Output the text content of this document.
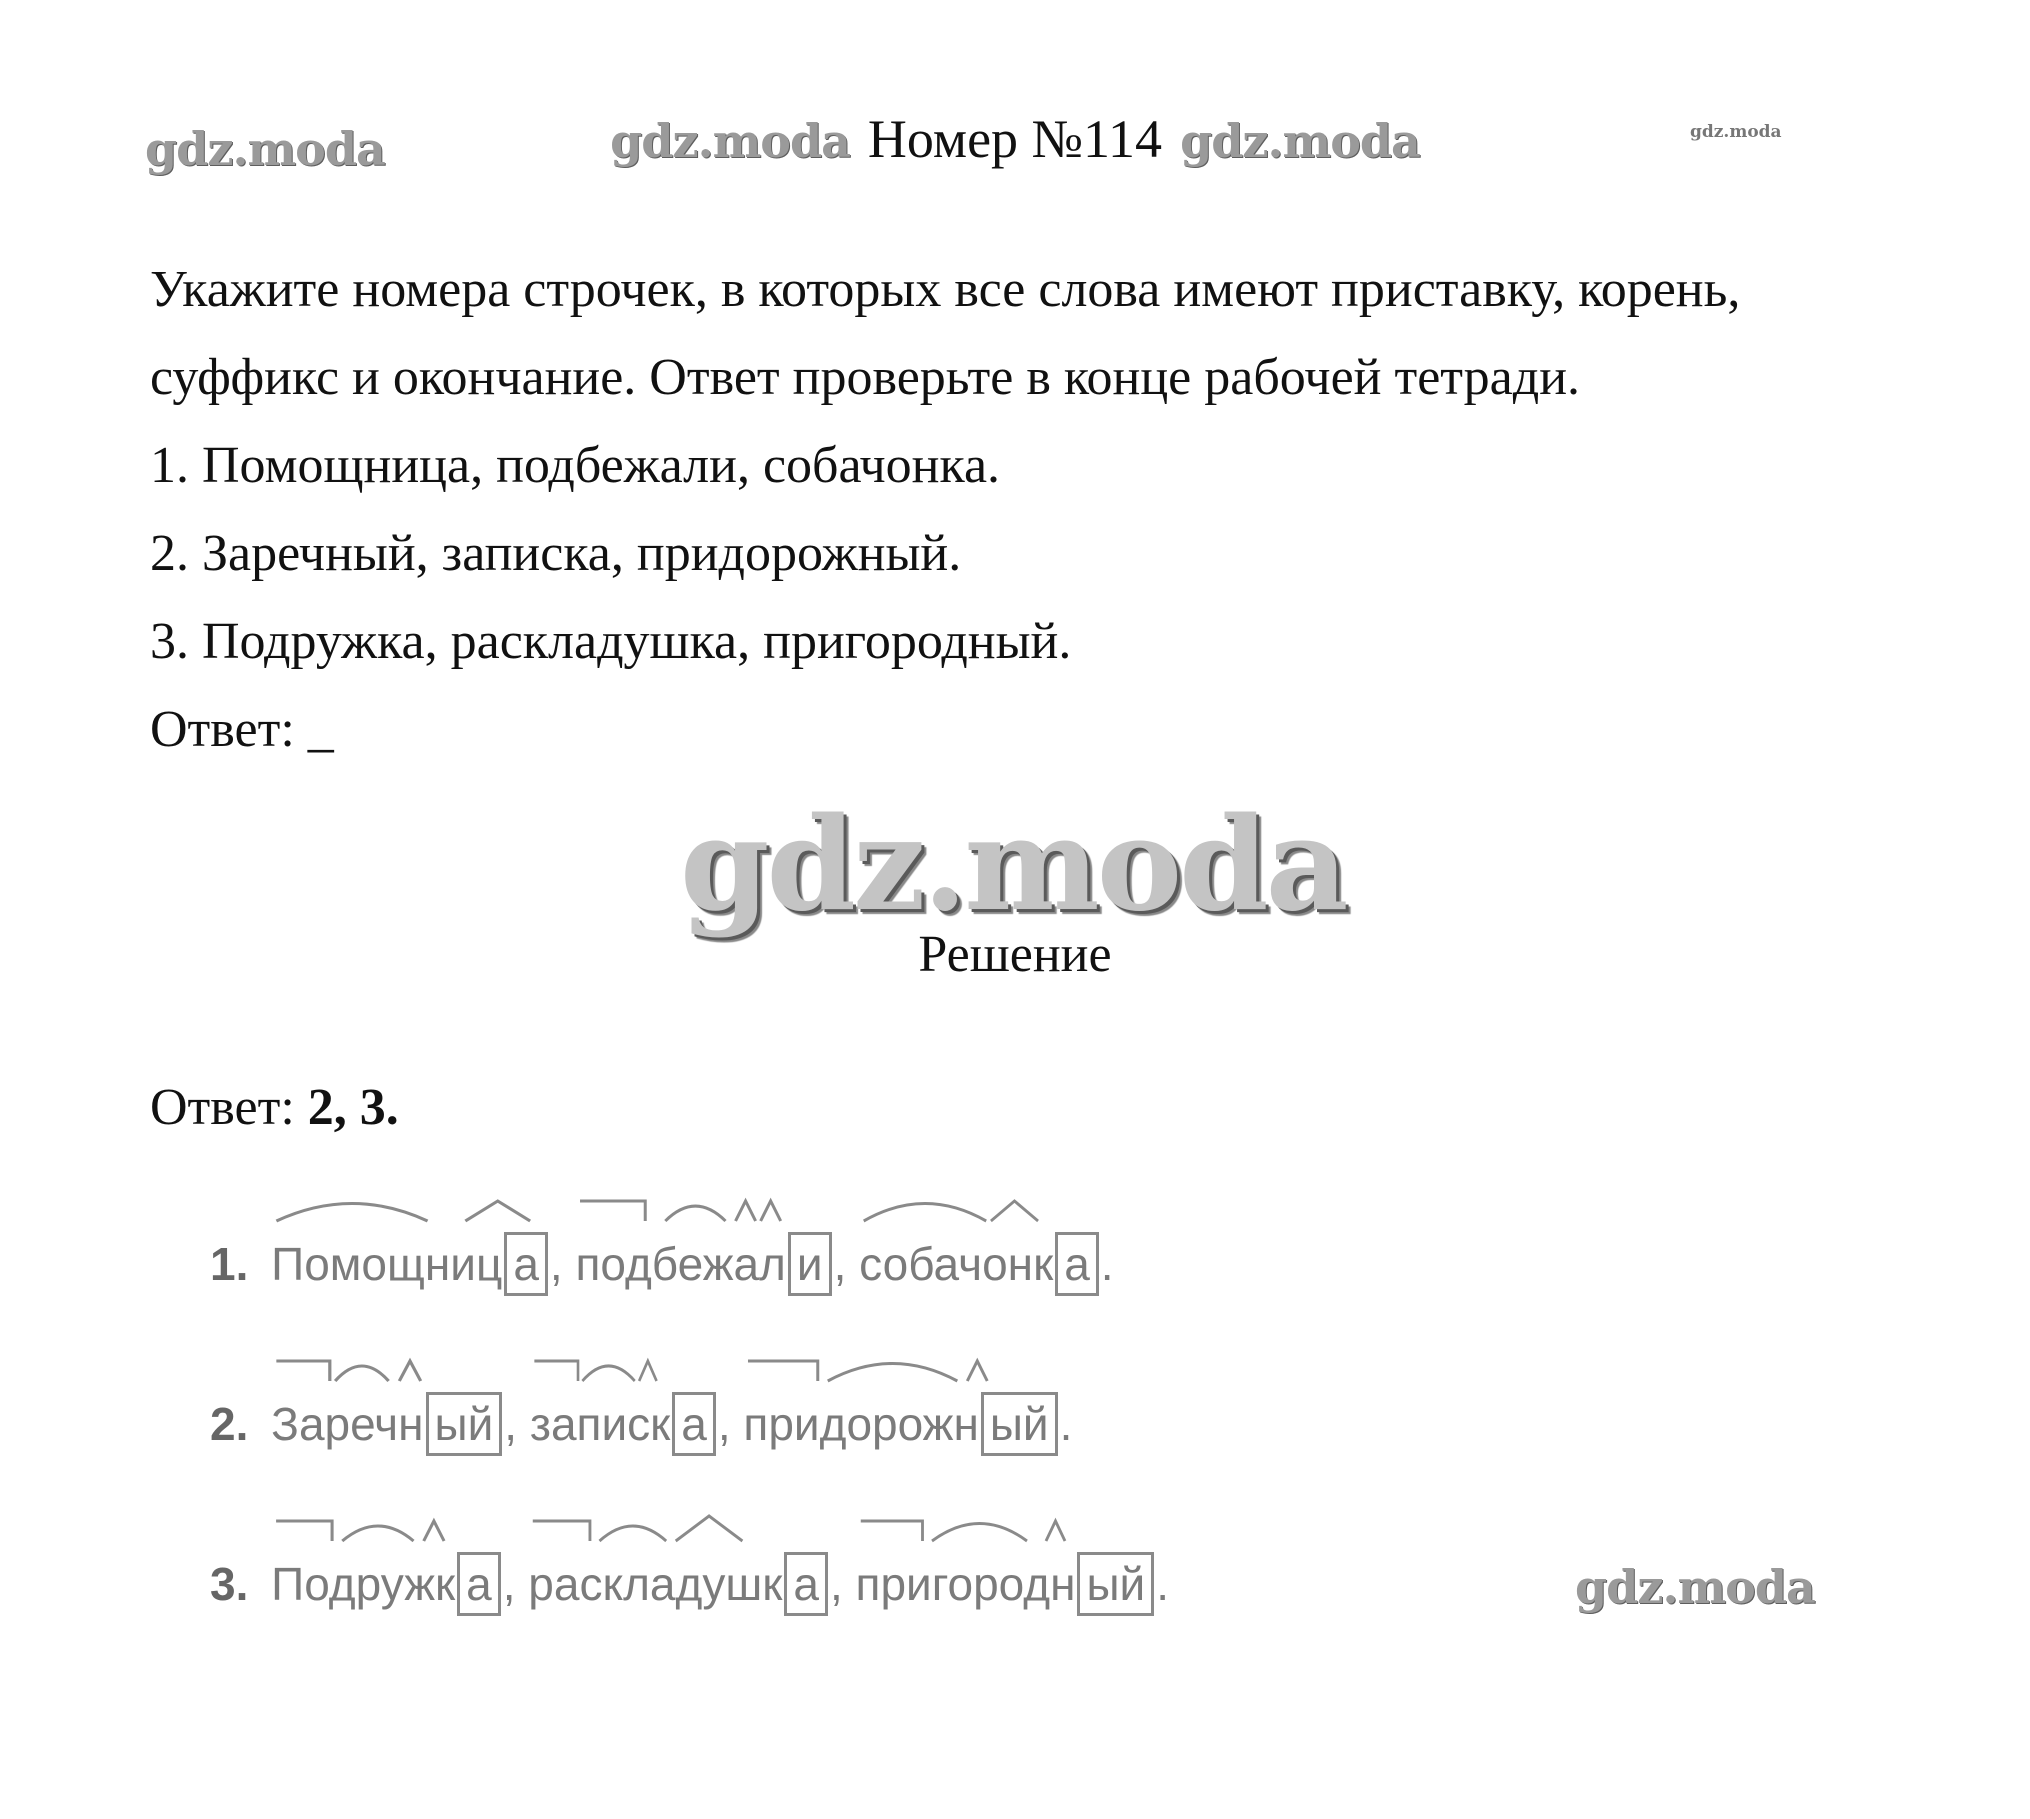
gdz.moda	gdz.moda
gdz.moda Номер №114 gdz.moda

Укажите номера строчек, в которых все слова имеют приставку, корень, суффикс и окончание. Ответ проверьте в конце рабочей тетради.

1. Помощница, подбежали, собачонка.

2. Заречный, записка, придорожный.

3. Подружка, раскладушка, пригородный.

Ответ: _

gdz.moda
Решение
Ответ: 2, 3.
1. Помощниц а , подбежал и , собачонк а .
2. Заречн ый , записк а , придорожн ый .
3. Подружк а , раскладушк а , пригородн ый .	gdz.moda
